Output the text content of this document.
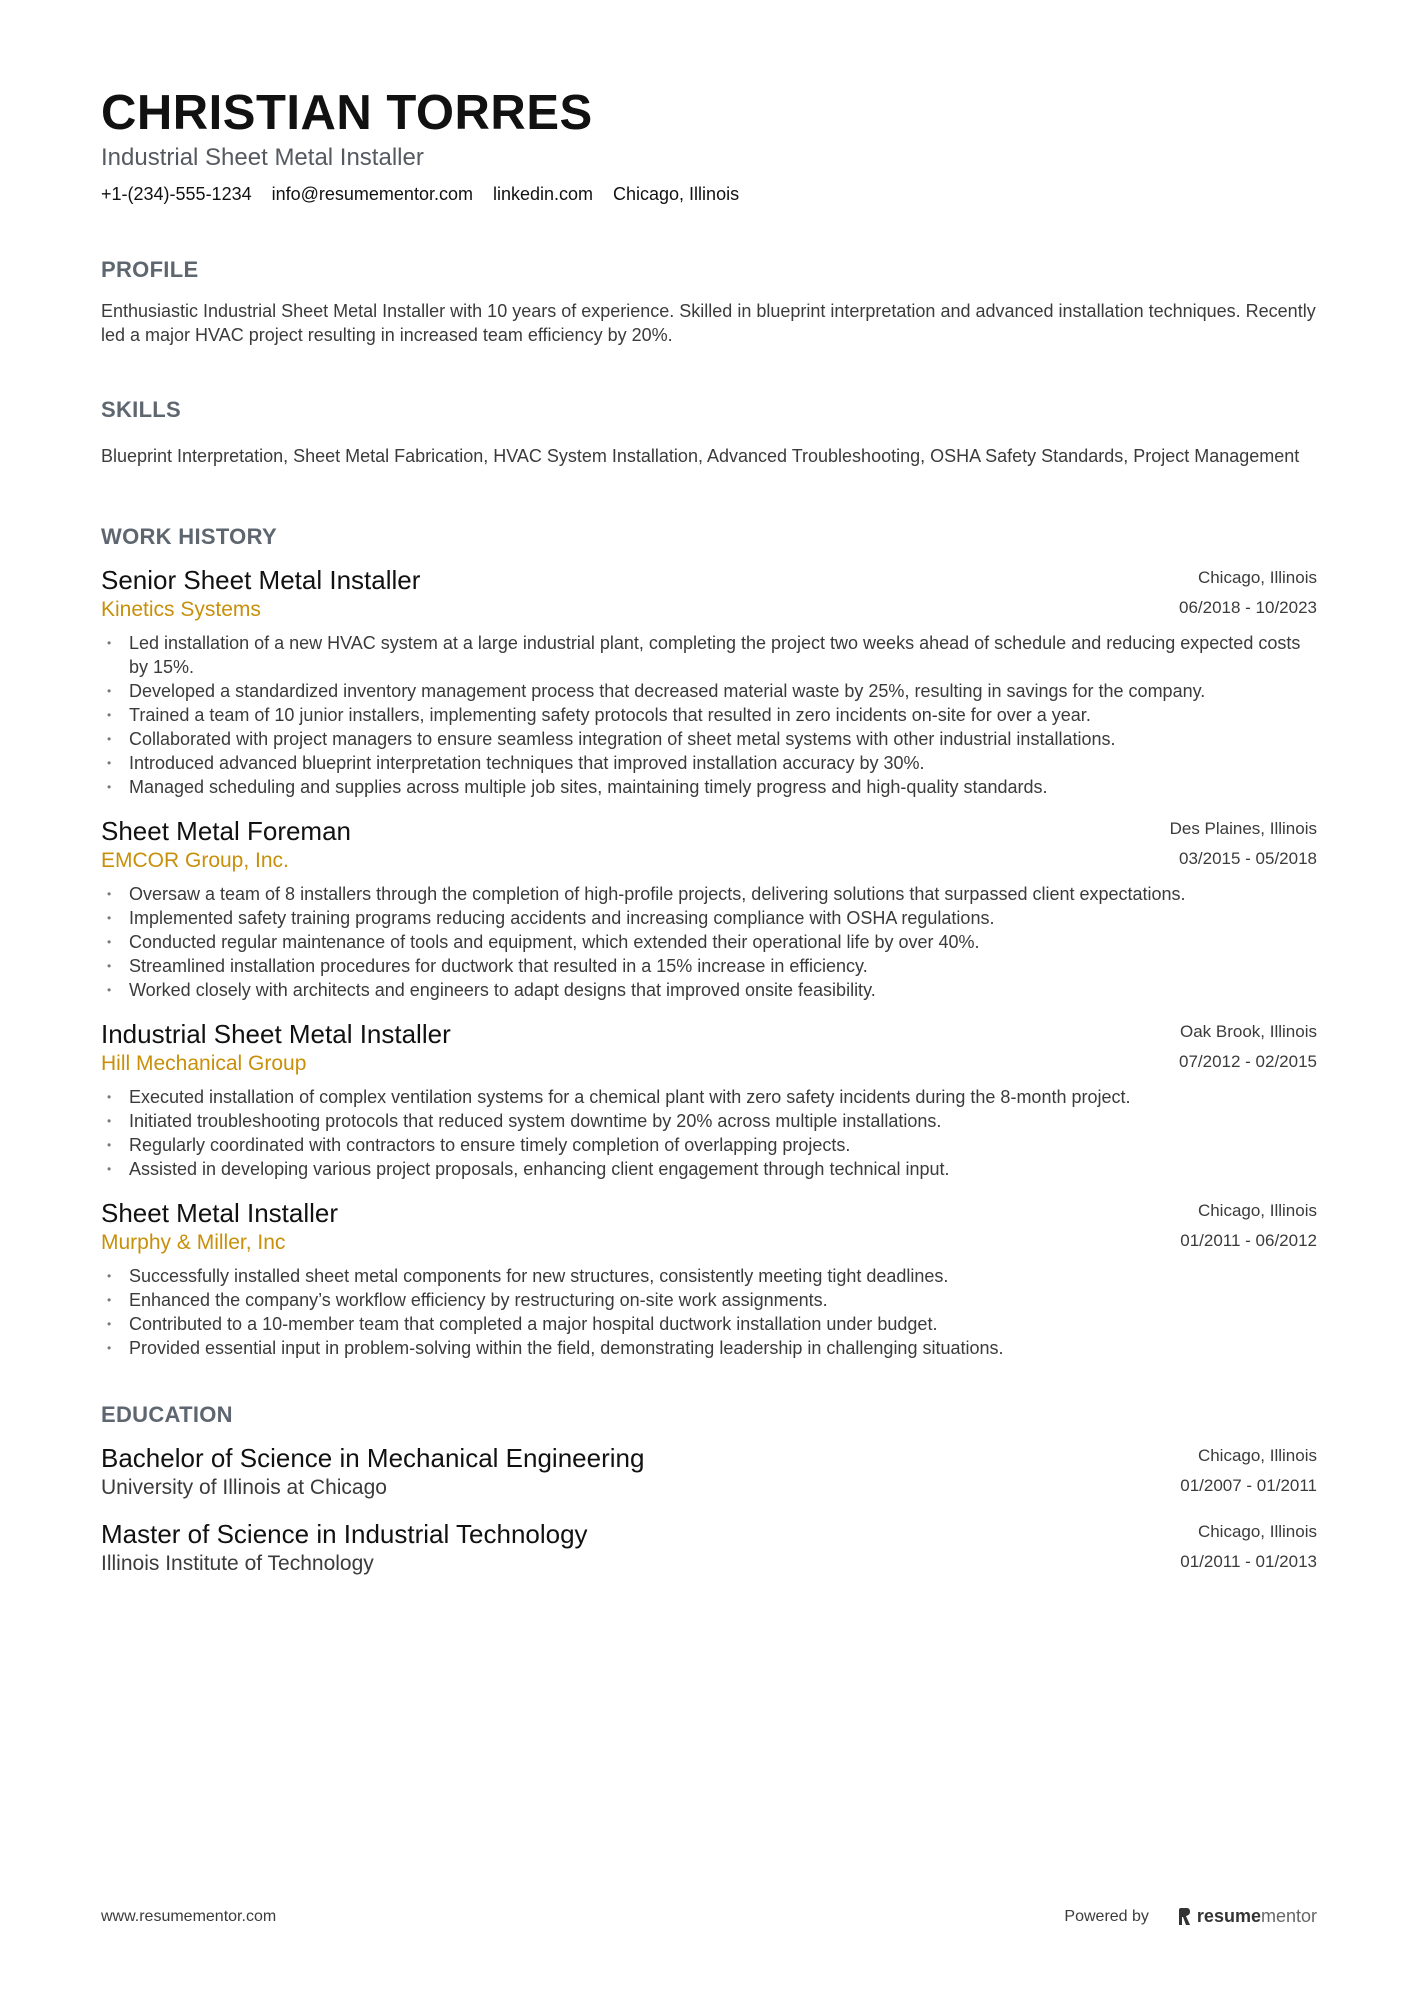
CHRISTIAN TORRES
Industrial Sheet Metal Installer
+1-(234)-555-1234 info@resumementor.com linkedin.com Chicago, Illinois
PROFILE
Enthusiastic Industrial Sheet Metal Installer with 10 years of experience. Skilled in blueprint interpretation and advanced installation techniques. Recently led a major HVAC project resulting in increased team efficiency by 20%.
SKILLS
Blueprint Interpretation, Sheet Metal Fabrication, HVAC System Installation, Advanced Troubleshooting, OSHA Safety Standards, Project Management
WORK HISTORY
Senior Sheet Metal Installer
Kinetics Systems
Chicago, Illinois
06/2018 - 10/2023
• Led installation of a new HVAC system at a large industrial plant, completing the project two weeks ahead of schedule and reducing expected costs by 15%.
• Developed a standardized inventory management process that decreased material waste by 25%, resulting in savings for the company.
• Trained a team of 10 junior installers, implementing safety protocols that resulted in zero incidents on-site for over a year.
• Collaborated with project managers to ensure seamless integration of sheet metal systems with other industrial installations.
• Introduced advanced blueprint interpretation techniques that improved installation accuracy by 30%.
• Managed scheduling and supplies across multiple job sites, maintaining timely progress and high-quality standards.
Sheet Metal Foreman
EMCOR Group, Inc.
Des Plaines, Illinois
03/2015 - 05/2018
• Oversaw a team of 8 installers through the completion of high-profile projects, delivering solutions that surpassed client expectations.
• Implemented safety training programs reducing accidents and increasing compliance with OSHA regulations.
• Conducted regular maintenance of tools and equipment, which extended their operational life by over 40%.
• Streamlined installation procedures for ductwork that resulted in a 15% increase in efficiency.
• Worked closely with architects and engineers to adapt designs that improved onsite feasibility.
Industrial Sheet Metal Installer
Hill Mechanical Group
Oak Brook, Illinois
07/2012 - 02/2015
• Executed installation of complex ventilation systems for a chemical plant with zero safety incidents during the 8-month project.
• Initiated troubleshooting protocols that reduced system downtime by 20% across multiple installations.
• Regularly coordinated with contractors to ensure timely completion of overlapping projects.
• Assisted in developing various project proposals, enhancing client engagement through technical input.
Sheet Metal Installer
Murphy & Miller, Inc
Chicago, Illinois
01/2011 - 06/2012
• Successfully installed sheet metal components for new structures, consistently meeting tight deadlines.
• Enhanced the company’s workflow efficiency by restructuring on-site work assignments.
• Contributed to a 10-member team that completed a major hospital ductwork installation under budget.
• Provided essential input in problem-solving within the field, demonstrating leadership in challenging situations.
EDUCATION
Bachelor of Science in Mechanical Engineering
University of Illinois at Chicago
Chicago, Illinois
01/2007 - 01/2011
Master of Science in Industrial Technology
Illinois Institute of Technology
Chicago, Illinois
01/2011 - 01/2013
www.resumementor.com	Powered by	resumementor
